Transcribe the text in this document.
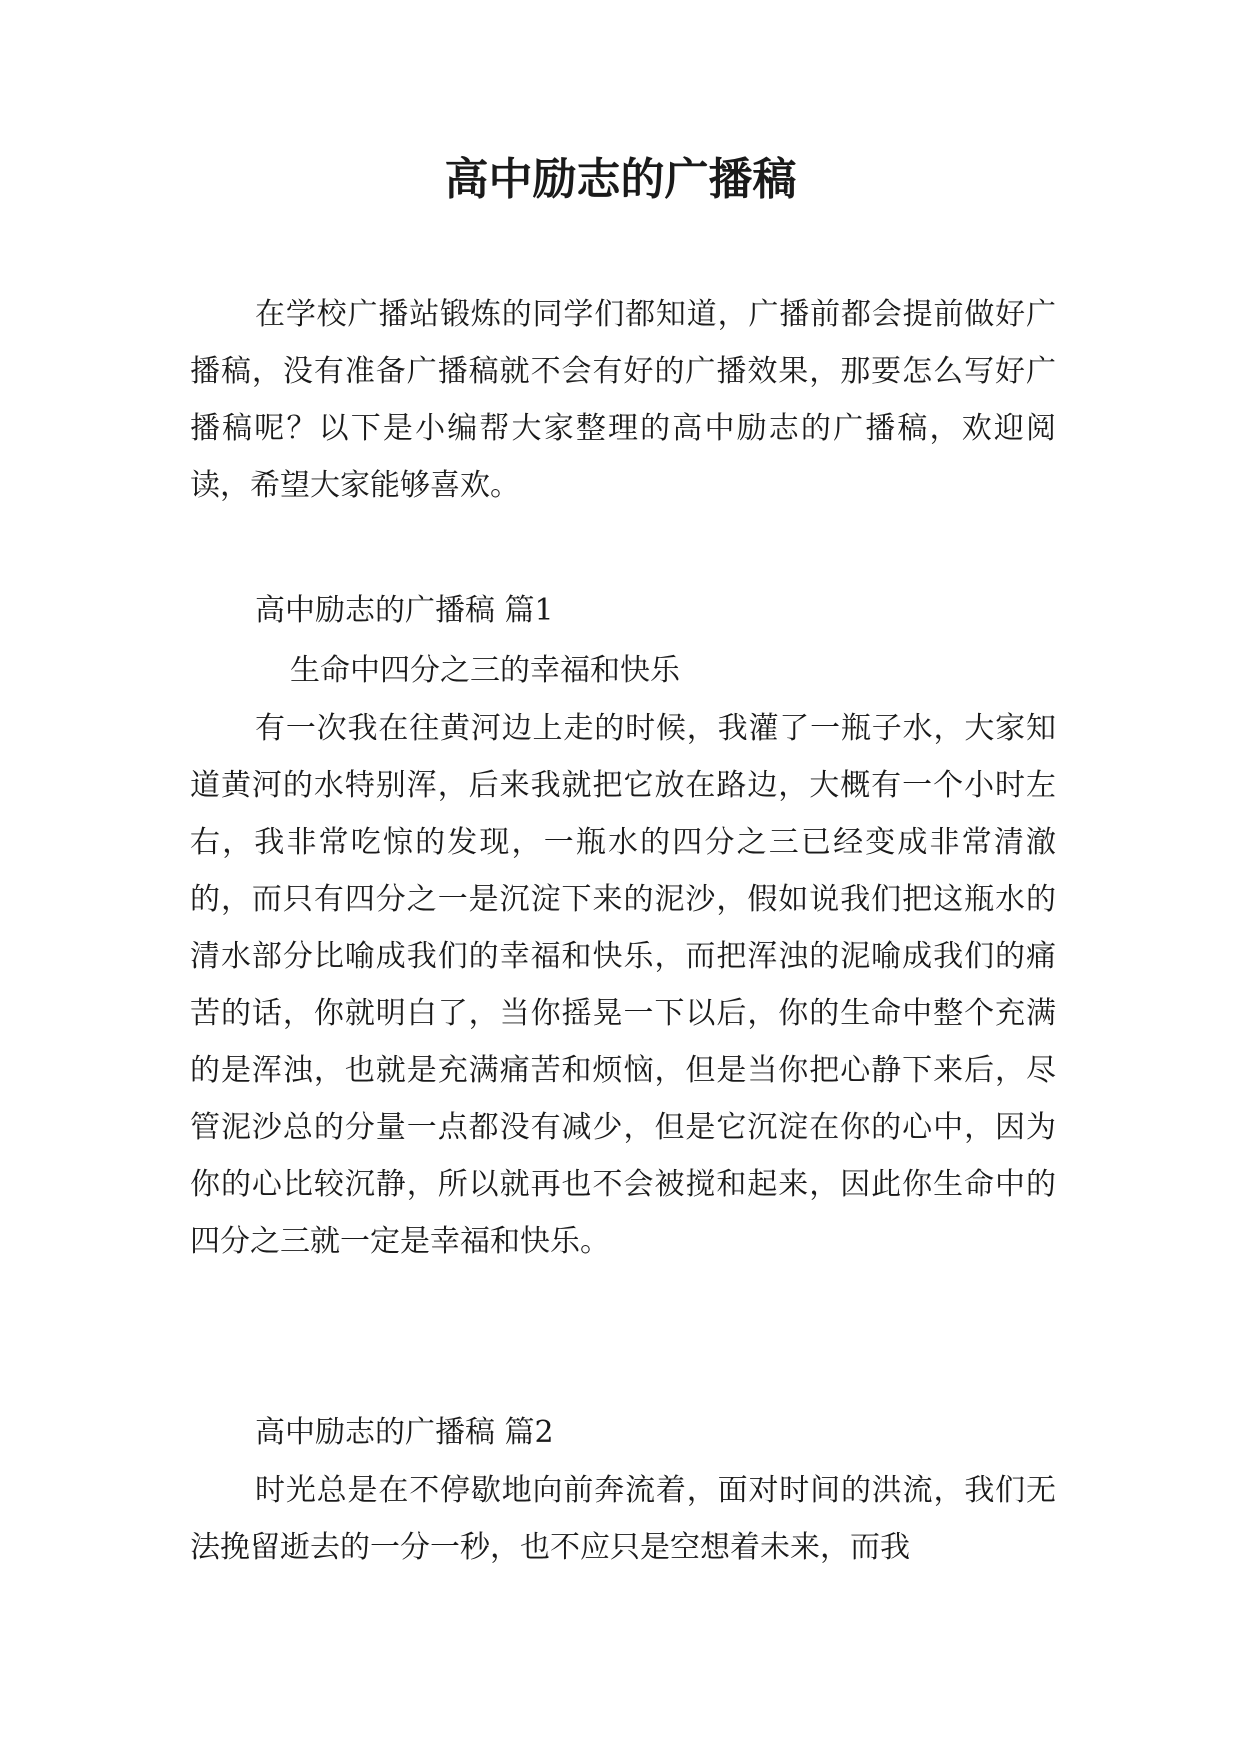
高中励志的广播稿

在学校广播站锻炼的同学们都知道，广播前都会提前做好广播稿，没有准备广播稿就不会有好的广播效果，那要怎么写好广播稿呢？以下是小编帮大家整理的高中励志的广播稿，欢迎阅读，希望大家能够喜欢。

高中励志的广播稿 篇1

生命中四分之三的幸福和快乐

有一次我在往黄河边上走的时候，我灌了一瓶子水，大家知道黄河的水特别浑，后来我就把它放在路边，大概有一个小时左右，我非常吃惊的发现，一瓶水的四分之三已经变成非常清澈的，而只有四分之一是沉淀下来的泥沙，假如说我们把这瓶水的清水部分比喻成我们的幸福和快乐，而把浑浊的泥喻成我们的痛苦的话，你就明白了，当你摇晃一下以后，你的生命中整个充满的是浑浊，也就是充满痛苦和烦恼，但是当你把心静下来后，尽管泥沙总的分量一点都没有减少，但是它沉淀在你的心中，因为你的心比较沉静，所以就再也不会被搅和起来，因此你生命中的四分之三就一定是幸福和快乐。

高中励志的广播稿 篇2

时光总是在不停歇地向前奔流着，面对时间的洪流，我们无法挽留逝去的一分一秒，也不应只是空想着未来，而我
